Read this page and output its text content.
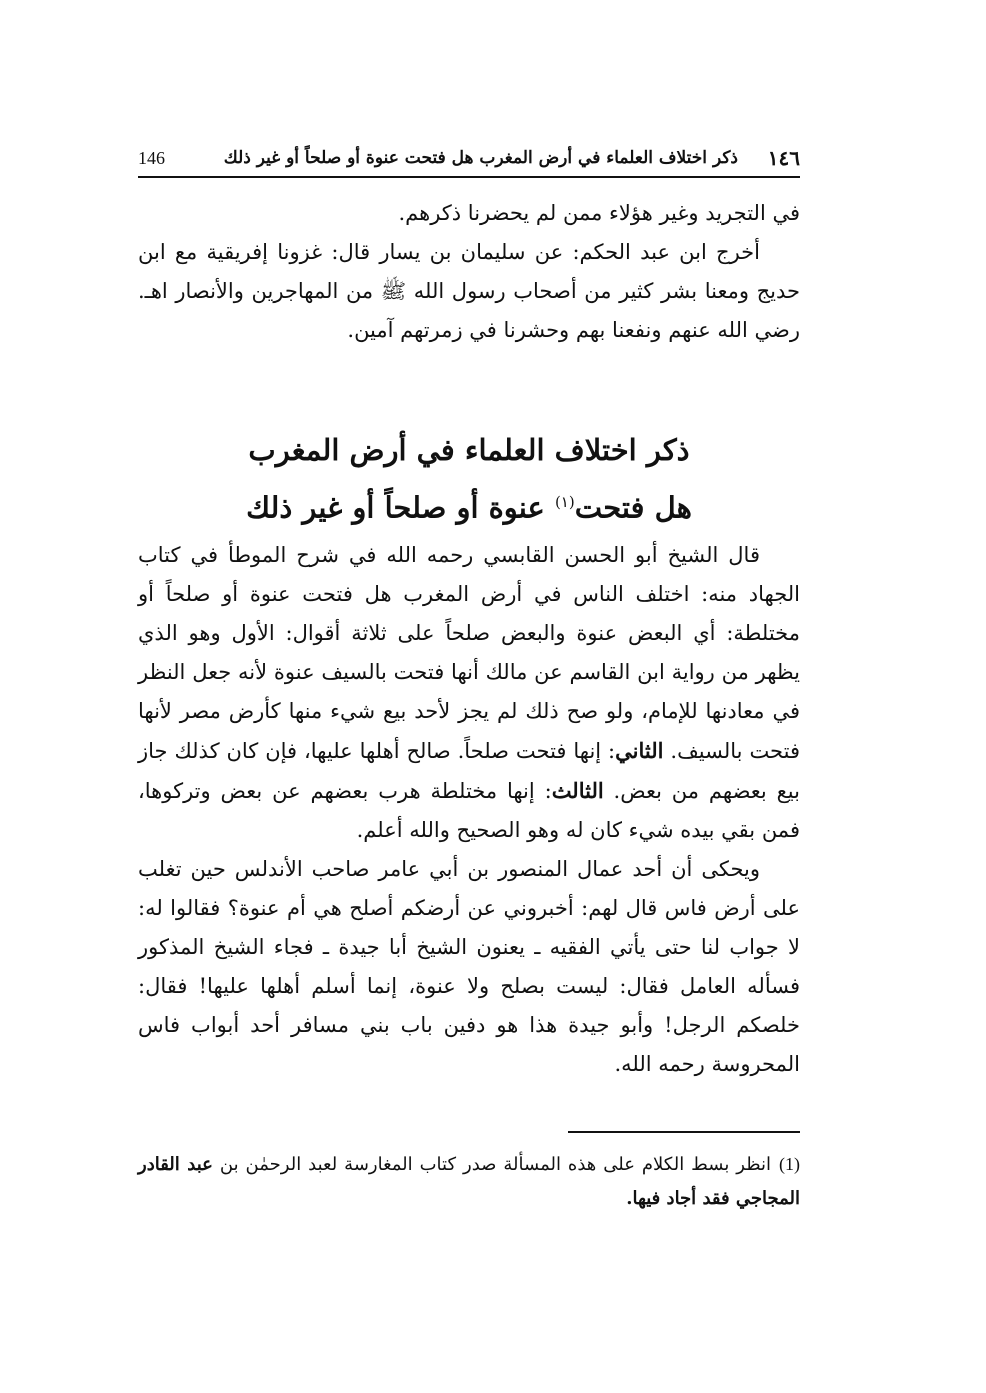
١٤٦
ذكر اختلاف العلماء في أرض المغرب هل فتحت عنوة أو صلحاً أو غير ذلك
146

في التجريد وغير هؤلاء ممن لم يحضرنا ذكرهم.

أخرج ابن عبد الحكم: عن سليمان بن يسار قال: غزونا إفريقية مع ابن حديج ومعنا بشر كثير من أصحاب رسول الله ﷺ من المهاجرين والأنصار اهـ. رضي الله عنهم ونفعنا بهم وحشرنا في زمرتهم آمين.

ذكر اختلاف العلماء في أرض المغرب
هل فتحت$^{(١)}$ عنوة أو صلحاً أو غير ذلك

قال الشيخ أبو الحسن القابسي رحمه الله في شرح الموطأ في كتاب الجهاد منه: اختلف الناس في أرض المغرب هل فتحت عنوة أو صلحاً أو مختلطة: أي البعض عنوة والبعض صلحاً على ثلاثة أقوال: الأول وهو الذي يظهر من رواية ابن القاسم عن مالك أنها فتحت بالسيف عنوة لأنه جعل النظر في معادنها للإمام، ولو صح ذلك لم يجز لأحد بيع شيء منها كأرض مصر لأنها فتحت بالسيف. الثاني: إنها فتحت صلحاً. صالح أهلها عليها، فإن كان كذلك جاز بيع بعضهم من بعض. الثالث: إنها مختلطة هرب بعضهم عن بعض وتركوها، فمن بقي بيده شيء كان له وهو الصحيح والله أعلم.

ويحكى أن أحد عمال المنصور بن أبي عامر صاحب الأندلس حين تغلب على أرض فاس قال لهم: أخبروني عن أرضكم أصلح هي أم عنوة؟ فقالوا له: لا جواب لنا حتى يأتي الفقيه ـ يعنون الشيخ أبا جيدة ـ فجاء الشيخ المذكور فسأله العامل فقال: ليست بصلح ولا عنوة، إنما أسلم أهلها عليها! فقال: خلصكم الرجل! وأبو جيدة هذا هو دفين باب بني مسافر أحد أبواب فاس المحروسة رحمه الله.

(1)انظر بسط الكلام على هذه المسألة صدر كتاب المغارسة لعبد الرحمٰن بن عبد القادر المجاجي فقد أجاد فيها.
